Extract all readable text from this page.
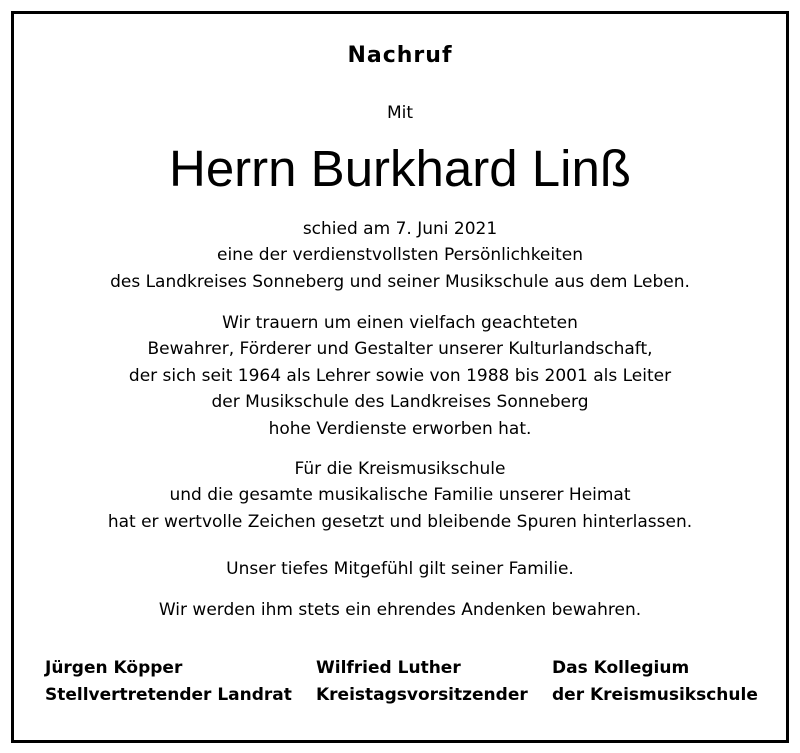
Nachruf
Mit
Herrn Burkhard Linß
schied am 7. Juni 2021
eine der verdienstvollsten Persönlichkeiten
des Landkreises Sonneberg und seiner Musikschule aus dem Leben.
Wir trauern um einen vielfach geachteten
Bewahrer, Förderer und Gestalter unserer Kulturlandschaft,
der sich seit 1964 als Lehrer sowie von 1988 bis 2001 als Leiter
der Musikschule des Landkreises Sonneberg
hohe Verdienste erworben hat.
Für die Kreismusikschule
und die gesamte musikalische Familie unserer Heimat
hat er wertvolle Zeichen gesetzt und bleibende Spuren hinterlassen.
Unser tiefes Mitgefühl gilt seiner Familie.
Wir werden ihm stets ein ehrendes Andenken bewahren.
Jürgen Köpper
Stellvertretender Landrat
Wilfried Luther
Kreistagsvorsitzender
Das Kollegium
der Kreismusikschule
